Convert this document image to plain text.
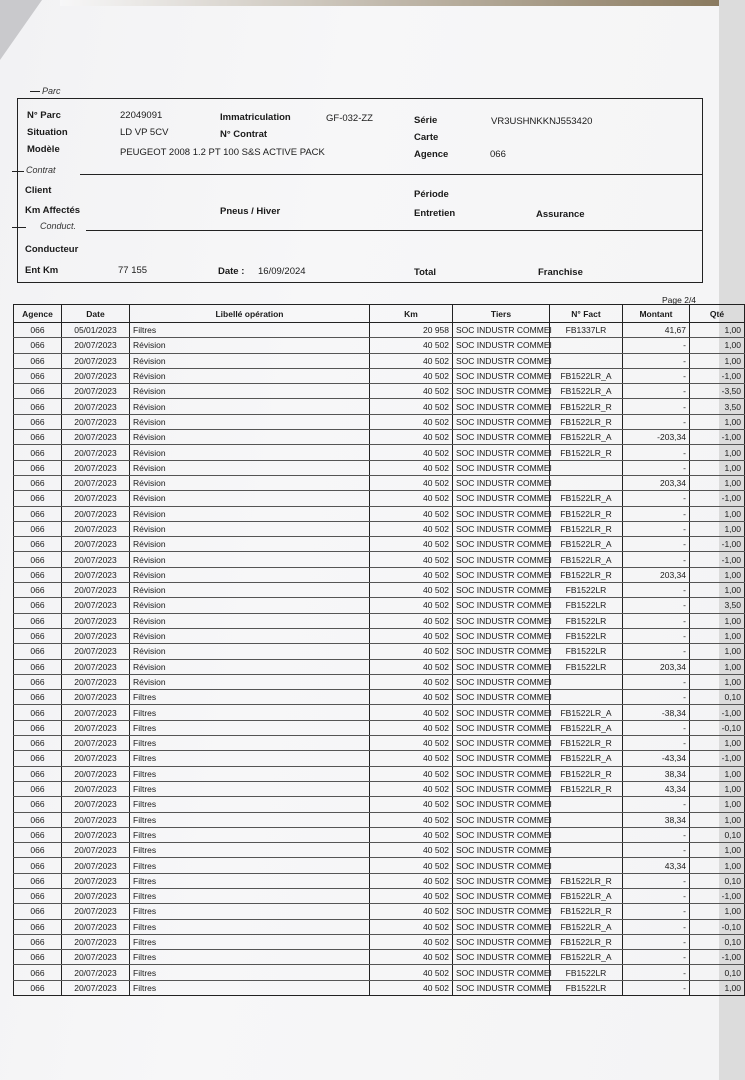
Parc
N° Parc	22049091	Immatriculation	GF-032-ZZ	Série	VR3USHNKKNJ553420
Situation	LD VP 5CV	N° Contrat	Carte
Modèle	PEUGEOT 2008 1.2 PT 100 S&S ACTIVE PACK	Agence	066
Contrat
Client	Période
Km Affectés	Pneus / Hiver	Entretien	Assurance
Conduct.
Conducteur
Ent Km	77 155	Date : 16/09/2024	Total	Franchise
Page 2/4
Agence	Date	Libellé opération	Km	Tiers	N° Fact	Montant	Qté
066	05/01/2023	Filtres	20 958	SOC INDUSTR COMMEI	FB1337LR	41,67	1,00
066	20/07/2023	Révision	40 502	SOC INDUSTR COMMEI		-	1,00
066	20/07/2023	Révision	40 502	SOC INDUSTR COMMEI		-	1,00
066	20/07/2023	Révision	40 502	SOC INDUSTR COMMEI	FB1522LR_A	-	-1,00
066	20/07/2023	Révision	40 502	SOC INDUSTR COMMEI	FB1522LR_A	-	-3,50
066	20/07/2023	Révision	40 502	SOC INDUSTR COMMEI	FB1522LR_R	-	3,50
066	20/07/2023	Révision	40 502	SOC INDUSTR COMMEI	FB1522LR_R	-	1,00
066	20/07/2023	Révision	40 502	SOC INDUSTR COMMEI	FB1522LR_A	-203,34	-1,00
066	20/07/2023	Révision	40 502	SOC INDUSTR COMMEI	FB1522LR_R	-	1,00
066	20/07/2023	Révision	40 502	SOC INDUSTR COMMEI		-	1,00
066	20/07/2023	Révision	40 502	SOC INDUSTR COMMEI		203,34	1,00
066	20/07/2023	Révision	40 502	SOC INDUSTR COMMEI	FB1522LR_A	-	-1,00
066	20/07/2023	Révision	40 502	SOC INDUSTR COMMEI	FB1522LR_R	-	1,00
066	20/07/2023	Révision	40 502	SOC INDUSTR COMMEI	FB1522LR_R	-	1,00
066	20/07/2023	Révision	40 502	SOC INDUSTR COMMEI	FB1522LR_A	-	-1,00
066	20/07/2023	Révision	40 502	SOC INDUSTR COMMEI	FB1522LR_A	-	-1,00
066	20/07/2023	Révision	40 502	SOC INDUSTR COMMEI	FB1522LR_R	203,34	1,00
066	20/07/2023	Révision	40 502	SOC INDUSTR COMMEI	FB1522LR	-	1,00
066	20/07/2023	Révision	40 502	SOC INDUSTR COMMEI	FB1522LR	-	3,50
066	20/07/2023	Révision	40 502	SOC INDUSTR COMMEI	FB1522LR	-	1,00
066	20/07/2023	Révision	40 502	SOC INDUSTR COMMEI	FB1522LR	-	1,00
066	20/07/2023	Révision	40 502	SOC INDUSTR COMMEI	FB1522LR	-	1,00
066	20/07/2023	Révision	40 502	SOC INDUSTR COMMEI	FB1522LR	203,34	1,00
066	20/07/2023	Révision	40 502	SOC INDUSTR COMMEI		-	1,00
066	20/07/2023	Filtres	40 502	SOC INDUSTR COMMEI		-	0,10
066	20/07/2023	Filtres	40 502	SOC INDUSTR COMMEI	FB1522LR_A	-38,34	-1,00
066	20/07/2023	Filtres	40 502	SOC INDUSTR COMMEI	FB1522LR_A	-	-0,10
066	20/07/2023	Filtres	40 502	SOC INDUSTR COMMEI	FB1522LR_R	-	1,00
066	20/07/2023	Filtres	40 502	SOC INDUSTR COMMEI	FB1522LR_A	-43,34	-1,00
066	20/07/2023	Filtres	40 502	SOC INDUSTR COMMEI	FB1522LR_R	38,34	1,00
066	20/07/2023	Filtres	40 502	SOC INDUSTR COMMEI	FB1522LR_R	43,34	1,00
066	20/07/2023	Filtres	40 502	SOC INDUSTR COMMEI		-	1,00
066	20/07/2023	Filtres	40 502	SOC INDUSTR COMMEI		38,34	1,00
066	20/07/2023	Filtres	40 502	SOC INDUSTR COMMEI		-	0,10
066	20/07/2023	Filtres	40 502	SOC INDUSTR COMMEI		-	1,00
066	20/07/2023	Filtres	40 502	SOC INDUSTR COMMEI		43,34	1,00
066	20/07/2023	Filtres	40 502	SOC INDUSTR COMMEI	FB1522LR_R	-	0,10
066	20/07/2023	Filtres	40 502	SOC INDUSTR COMMEI	FB1522LR_A	-	-1,00
066	20/07/2023	Filtres	40 502	SOC INDUSTR COMMEI	FB1522LR_R	-	1,00
066	20/07/2023	Filtres	40 502	SOC INDUSTR COMMEI	FB1522LR_A	-	-0,10
066	20/07/2023	Filtres	40 502	SOC INDUSTR COMMEI	FB1522LR_R	-	0,10
066	20/07/2023	Filtres	40 502	SOC INDUSTR COMMEI	FB1522LR_A	-	-1,00
066	20/07/2023	Filtres	40 502	SOC INDUSTR COMMEI	FB1522LR	-	0,10
066	20/07/2023	Filtres	40 502	SOC INDUSTR COMMEI	FB1522LR	-	1,00
